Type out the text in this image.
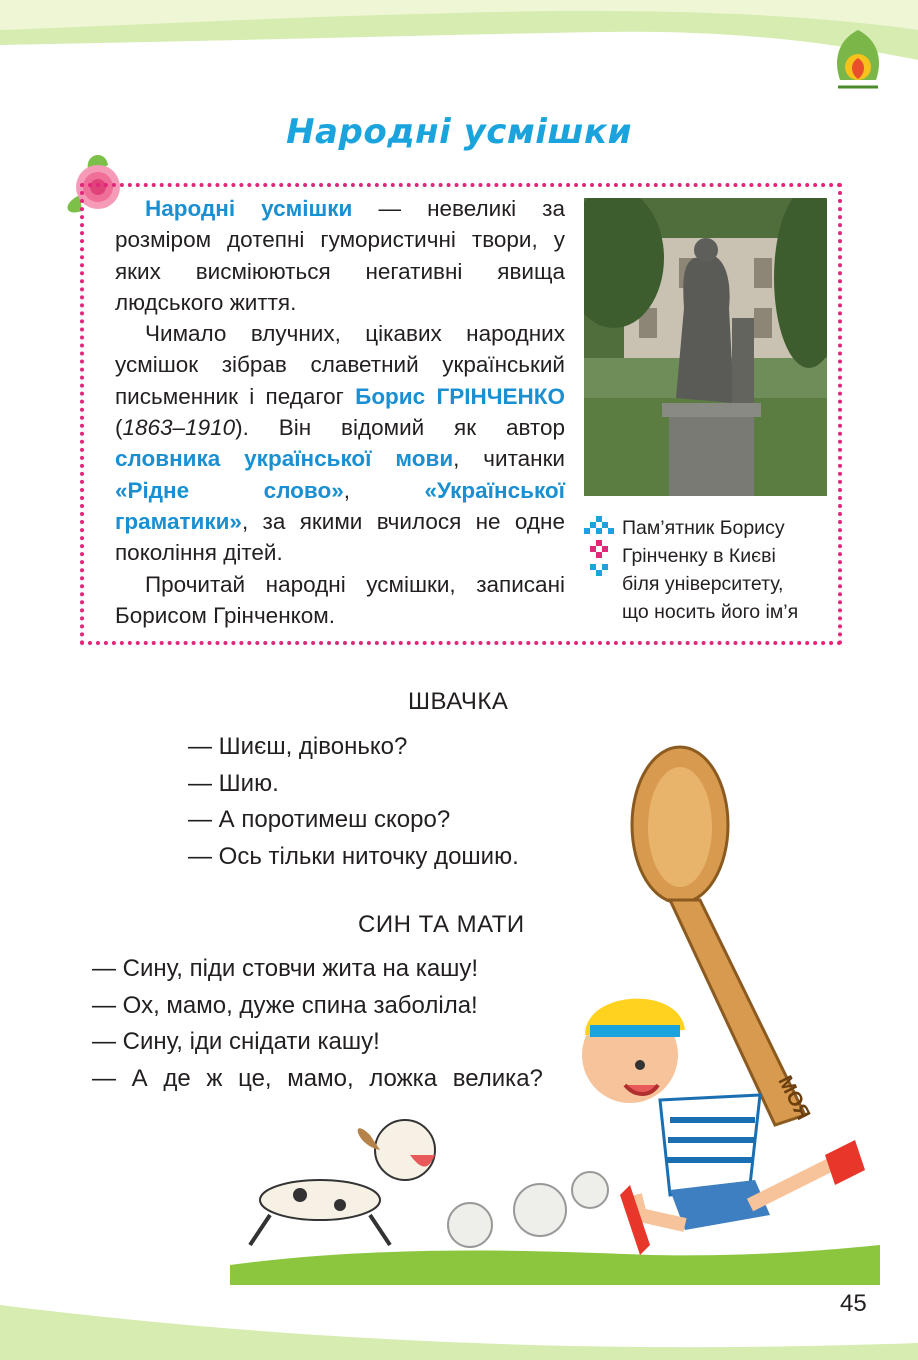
Народні усмішки

Народні усмішки — невеликі за розміром дотепні гумористичні твори, у яких висміюються негативні явища людського життя.

Чимало влучних, цікавих народних усмішок зібрав славетний український письменник і педагог Борис ГРІНЧЕНКО (1863–1910). Він відомий як автор словника української мови, читанки «Рідне слово», «Української граматики», за якими вчилося не одне покоління дітей.

Прочитай народні усмішки, записані Борисом Грінченком.

Пам’ятник Борису
Грінченку в Києві
біля університету,
що носить його ім’я
МОЯ
ШВАЧКА
— Шиєш, дівонько?
— Шию.
— А поротимеш скоро?
— Ось тільки ниточку дошию.
СИН ТА МАТИ
— Сину, піди стовчи жита на кашу!
— Ох, мамо, дуже спина заболіла!
— Сину, іди снідати кашу!
— А де ж це, мамо, ложка велика?
45
